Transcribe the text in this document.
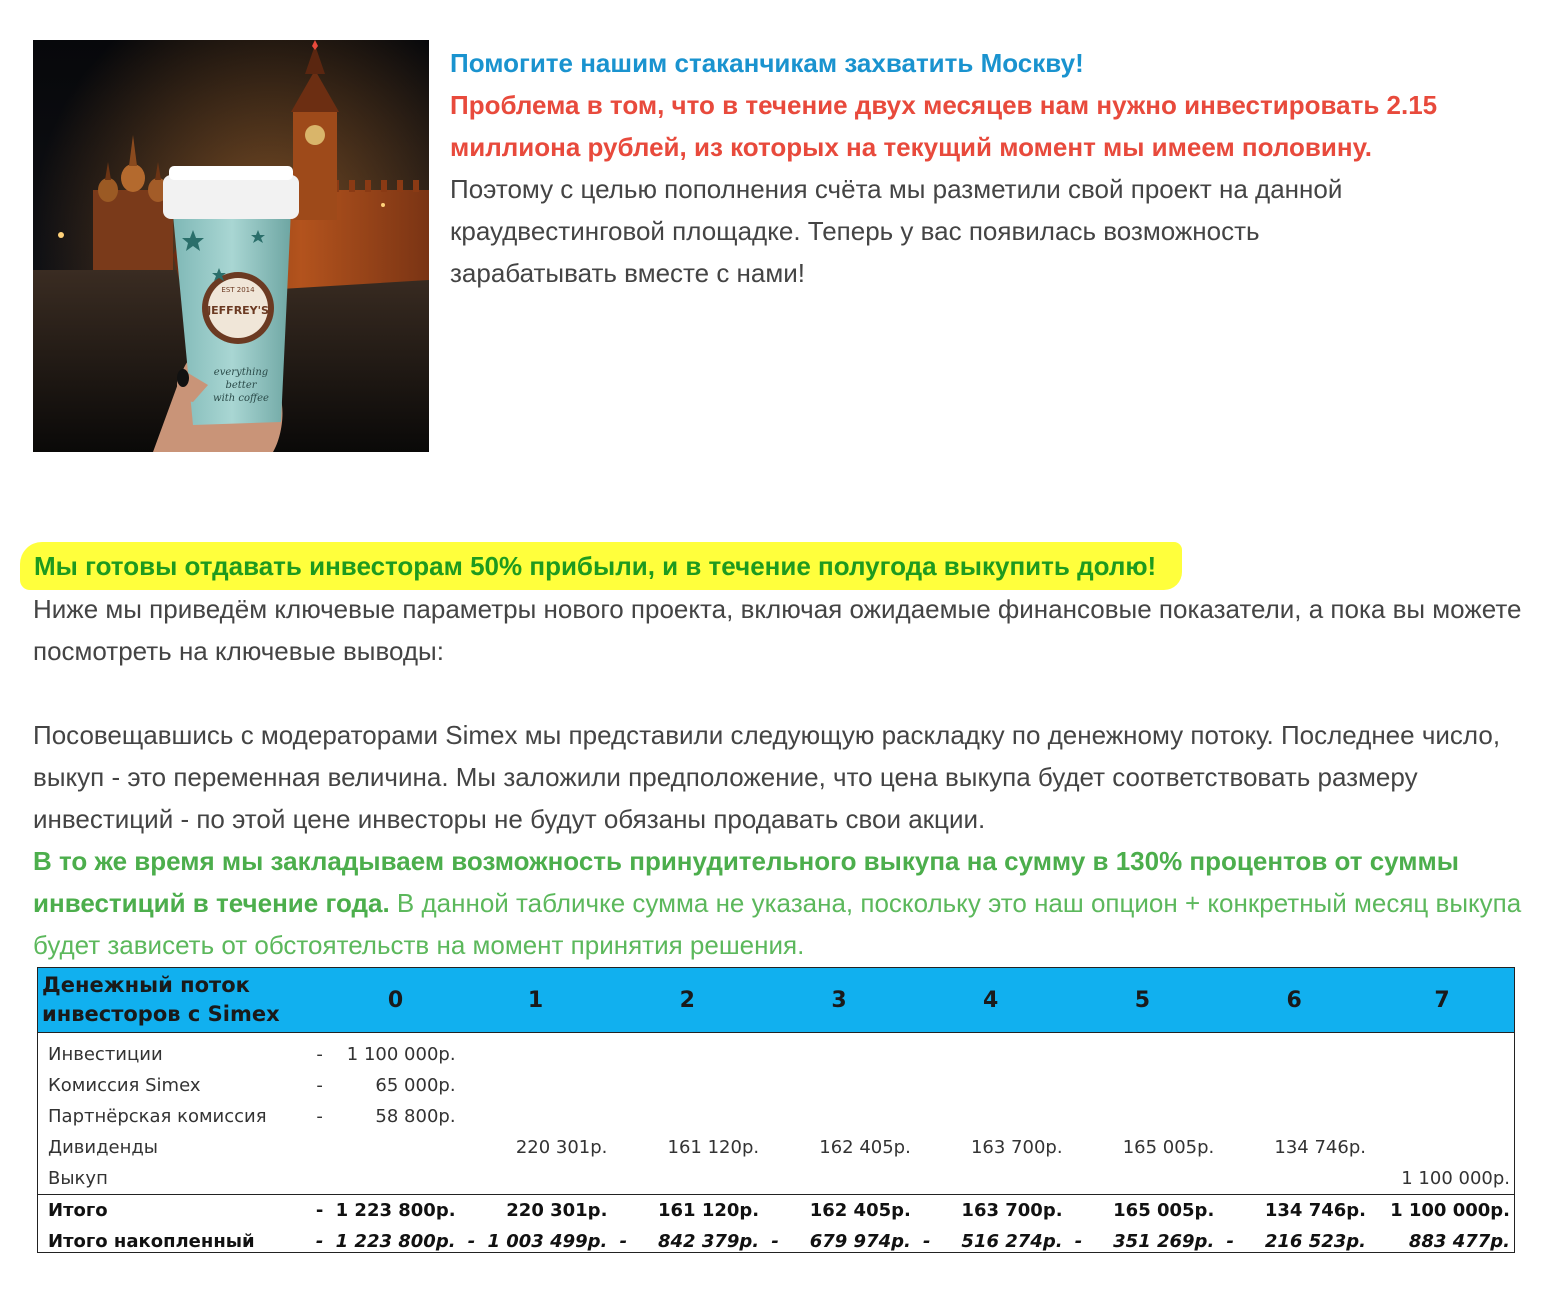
JEFFREY'S
EST 2014
everything
better
with coffee
Помогите нашим стаканчикам захватить Москву!
Проблема в том, что в течение двух месяцев нам нужно инвестировать 2.15 миллиона рублей, из которых на текущий момент мы имеем половину.
Поэтому с целью пополнения счёта мы разметили свой проект на данной краудвестинговой площадке. Теперь у вас появилась возможность зарабатывать вместе с нами!
Мы готовы отдавать инвесторам 50% прибыли, и в течение полугода выкупить долю!

Ниже мы приведём ключевые параметры нового проекта, включая ожидаемые финансовые показатели, а пока вы можете посмотреть на ключевые выводы:

Посовещавшись с модераторами Simex мы представили следующую раскладку по денежному потоку. Последнее число, выкуп - это переменная величина. Мы заложили предположение, что цена выкупа будет соответствовать размеру инвестиций - по этой цене инвесторы не будут обязаны продавать свои акции.

В то же время мы закладываем возможность принудительного выкупа на сумму в 130% процентов от суммы инвестиций в течение года. В данной табличке сумма не указана, поскольку это наш опцион + конкретный месяц выкупа будет зависеть от обстоятельств на момент принятия решения.

Денежный поток
инвесторов с Simex		0	1		2		3		4		5		6		7	
Инвестиции	-	1 100 000р.														
Комиссия Simex	-	65 000р.														
Партнёрская комиссия	-	58 800р.														
Дивиденды				220 301р.		161 120р.		162 405р.		163 700р.		165 005р.		134 746р.		
Выкуп																1 100 000р.
Итого	-	1 223 800р.		220 301р.		161 120р.		162 405р.		163 700р.		165 005р.		134 746р.		1 100 000р.
Итого накопленный	-	1 223 800р.	-	1 003 499р.	-	842 379р.	-	679 974р.	-	516 274р.	-	351 269р.	-	216 523р.		883 477р.
